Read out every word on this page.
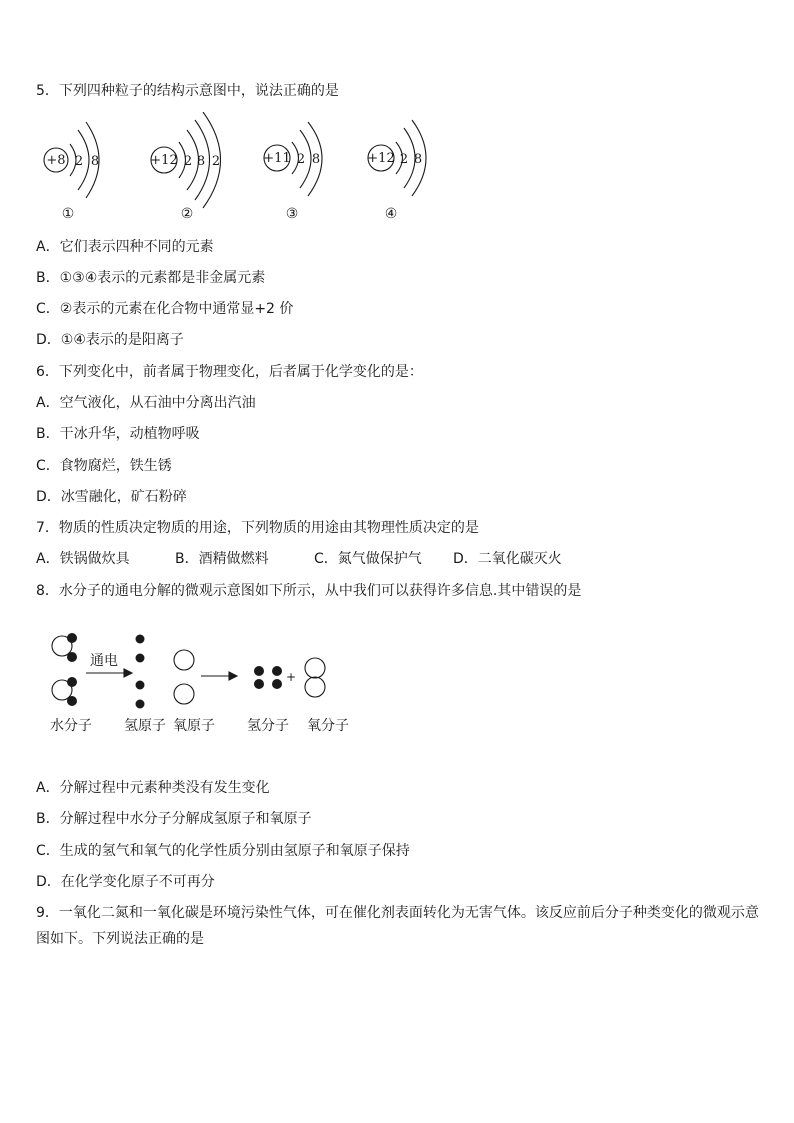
5．下列四种粒子的结构示意图中，说法正确的是
+8 2 8	+12 2 8 2	+11 2 8	+12 2 8
①	②	③	④
A．它们表示四种不同的元素
B．①③④表示的元素都是非金属元素
C．②表示的元素在化合物中通常显+2 价
D．①④表示的是阳离子
6．下列变化中，前者属于物理变化，后者属于化学变化的是：
A．空气液化，从石油中分离出汽油
B．干冰升华，动植物呼吸
C．食物腐烂，铁生锈
D．冰雪融化，矿石粉碎
7．物质的性质决定物质的用途，下列物质的用途由其物理性质决定的是
A．铁锅做炊具	B．酒精做燃料	C．氮气做保护气 D．二氧化碳灭火
8．水分子的通电分解的微观示意图如下所示，从中我们可以获得许多信息.其中错误的是
通电
+
水分子 氢原子 氧原子 氢分子 氧分子
A．分解过程中元素种类没有发生变化
B．分解过程中水分子分解成氢原子和氧原子
C．生成的氢气和氧气的化学性质分别由氢原子和氧原子保持
D．在化学变化原子不可再分
9．一氧化二氮和一氧化碳是环境污染性气体，可在催化剂表面转化为无害气体。该反应前后分子种类变化的微观示意图如下。下列说法正确的是
